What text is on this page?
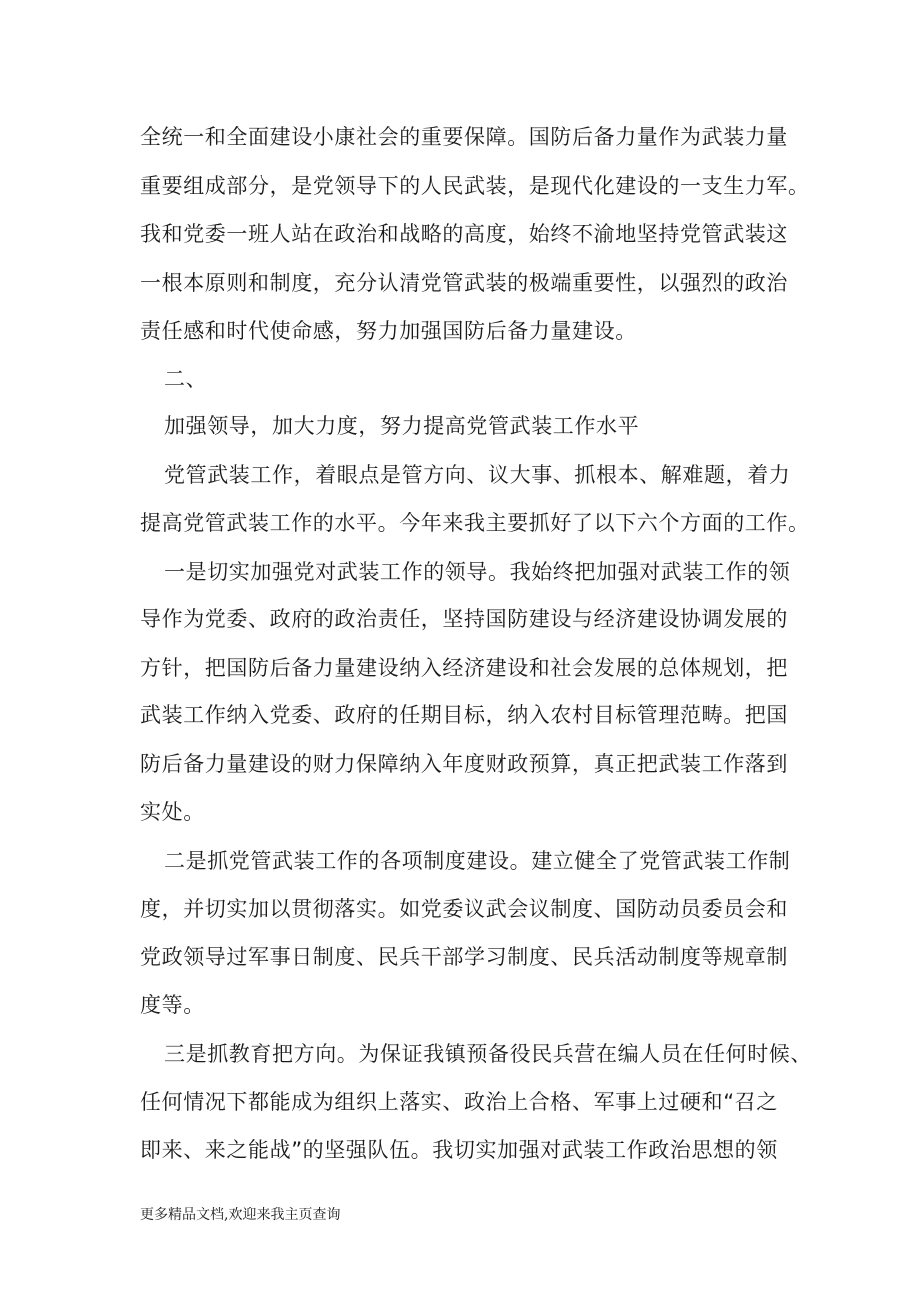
全统一和全面建设小康社会的重要保障。国防后备力量作为武装力量
重要组成部分，是党领导下的人民武装，是现代化建设的一支生力军。
我和党委一班人站在政治和战略的高度，始终不渝地坚持党管武装这
一根本原则和制度，充分认清党管武装的极端重要性，以强烈的政治
责任感和时代使命感，努力加强国防后备力量建设。
二、
加强领导，加大力度，努力提高党管武装工作水平
党管武装工作，着眼点是管方向、议大事、抓根本、解难题，着力
提高党管武装工作的水平。今年来我主要抓好了以下六个方面的工作。
一是切实加强党对武装工作的领导。我始终把加强对武装工作的领
导作为党委、政府的政治责任，坚持国防建设与经济建设协调发展的
方针，把国防后备力量建设纳入经济建设和社会发展的总体规划，把
武装工作纳入党委、政府的任期目标，纳入农村目标管理范畴。把国
防后备力量建设的财力保障纳入年度财政预算，真正把武装工作落到
实处。
二是抓党管武装工作的各项制度建设。建立健全了党管武装工作制
度，并切实加以贯彻落实。如党委议武会议制度、国防动员委员会和
党政领导过军事日制度、民兵干部学习制度、民兵活动制度等规章制
度等。
三是抓教育把方向。为保证我镇预备役民兵营在编人员在任何时候、
任何情况下都能成为组织上落实、政治上合格、军事上过硬和“召之
即来、来之能战”的坚强队伍。我切实加强对武装工作政治思想的领
更多精品文档,欢迎来我主页查询
